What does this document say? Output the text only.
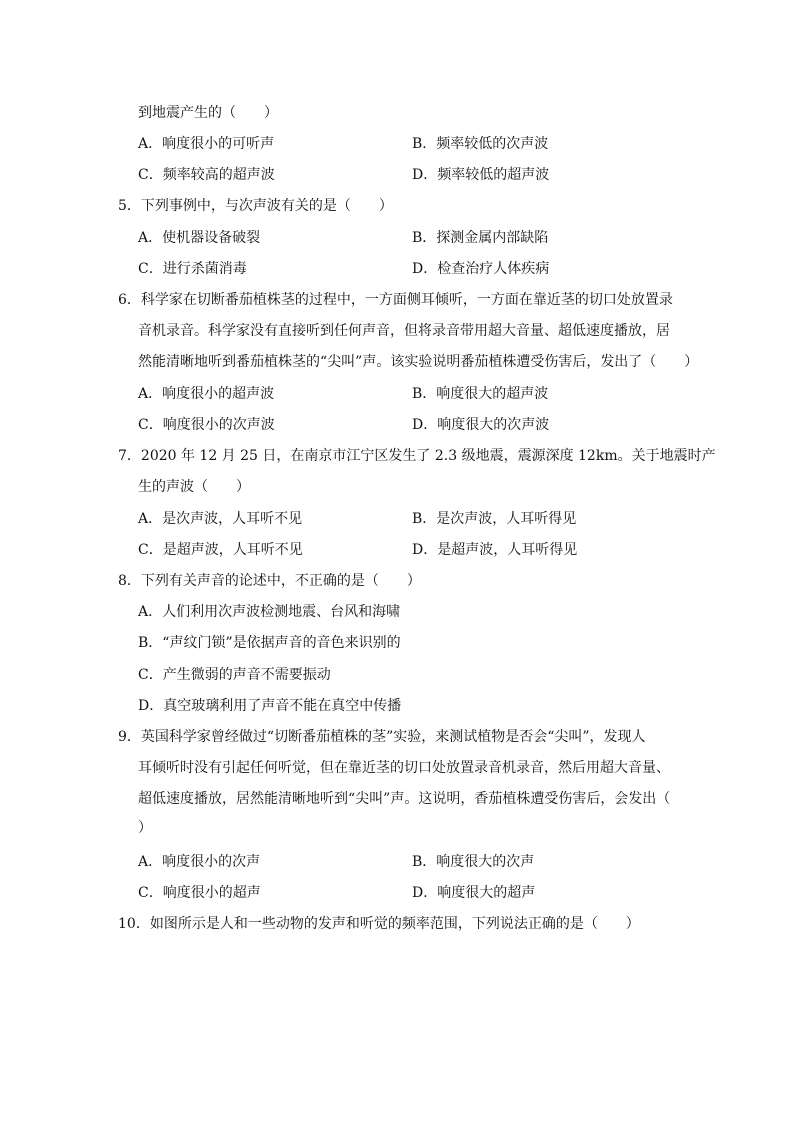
到地震产生的（　　）
A．响度很小的可听声	B．频率较低的次声波
C．频率较高的超声波	D．频率较低的超声波
5．下列事例中，与次声波有关的是（　　）
A．使机器设备破裂	B．探测金属内部缺陷
C．进行杀菌消毒	D．检查治疗人体疾病
6．科学家在切断番茄植株茎的过程中，一方面侧耳倾听，一方面在靠近茎的切口处放置录
音机录音。科学家没有直接听到任何声音，但将录音带用超大音量、超低速度播放，居
然能清晰地听到番茄植株茎的“尖叫”声。该实验说明番茄植株遭受伤害后，发出了（　　）
A．响度很小的超声波	B．响度很大的超声波
C．响度很小的次声波	D．响度很大的次声波
7．2020 年 12 月 25 日，在南京市江宁区发生了 2.3 级地震，震源深度 12km。关于地震时产
生的声波（　　）
A．是次声波，人耳听不见	B．是次声波，人耳听得见
C．是超声波，人耳听不见	D．是超声波，人耳听得见
8．下列有关声音的论述中，不正确的是（　　）
A．人们利用次声波检测地震、台风和海啸
B．“声纹门锁”是依据声音的音色来识别的
C．产生微弱的声音不需要振动
D．真空玻璃利用了声音不能在真空中传播
9．英国科学家曾经做过“切断番茄植株的茎”实验，来测试植物是否会“尖叫”，发现人
耳倾听时没有引起任何听觉，但在靠近茎的切口处放置录音机录音，然后用超大音量、
超低速度播放，居然能清晰地听到“尖叫”声。这说明，香茄植株遭受伤害后，会发出（
）
A．响度很小的次声	B．响度很大的次声
C．响度很小的超声	D．响度很大的超声
10．如图所示是人和一些动物的发声和听觉的频率范围，下列说法正确的是（　　）
